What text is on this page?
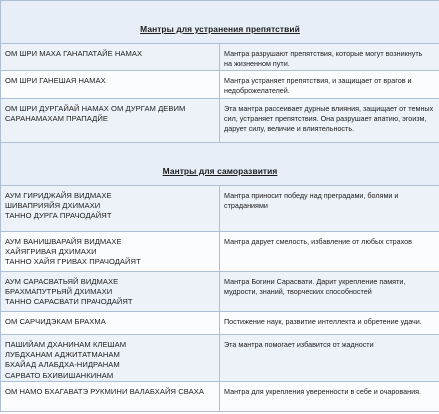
Мантры для устранения препятствий	

ОМ ШРИ МАХА ГАНАПАТАЙЕ НАМАХ	Мантра разрушают препятствия, которые могут возникнуть
на жизненном пути.

ОМ ШРИ ГАНЕШАЯ НАМАХ	Мантра устраняет препятствия, и защищает от врагов и
недоброжелателей.

ОМ ШРИ ДУРГАЙАЙ НАМАХ ОМ ДУРГАМ ДЕВИМ
САРАНАМАХАМ ПРАПАДЙЕ	Эта мантра рассеивает дурные влияния, защищает от темных
сил, устраняет препятствия. Она разрушает апатию, эгоизм,
дарует силу, величие и влиятельность.

Мантры для саморазвития	

АУМ ГИРИДЖАЙЯ ВИДМАХЕ
ШИВАПРИЯЙЯ ДХИМАХИ
ТАННО ДУРГА ПРАЧОДАЙЯТ	Мантра приносит победу над преградами, болями и
страданиями

АУМ ВАНИШВАРАЙЯ ВИДМАХЕ
ХАЙЯГРИВАЯ ДХИМАХИ
ТАННО ХАЙЯ ГРИВАХ ПРАЧОДАЙЯТ	Мантра дарует смелость, избавление от любых страхов

АУМ САРАСВАТЬЯЙ ВИДМАХЕ
БРАХМАПУТРЬЯЙ ДХИМАХИ
ТАННО САРАСВАТИ ПРАЧОДАЙЯТ	Мантра Богини Сарасвати. Дарит укрепление памяти,
мудрости, знаний, творческих способностей

ОМ САРЧИДЭКАМ БРАХМА	Постижение наук, развитие интеллекта и обретение удачи.

ПАШИЙАМ ДХАНИНАМ КЛЕШАМ
ЛУБДХАНАМ АДЖИТАТМАНАМ
БХАЙАД АЛАБДХА-НИДРАНАМ
САРВАТО БХИВИШАНКИНАМ	Эта мантра помогает избавится от жадности

ОМ НАМО БХАГАВАТЭ РУКМИНИ ВАЛАБХАЙЯ СВАХА	Мантра для укрепления уверенности в себе и очарования.
